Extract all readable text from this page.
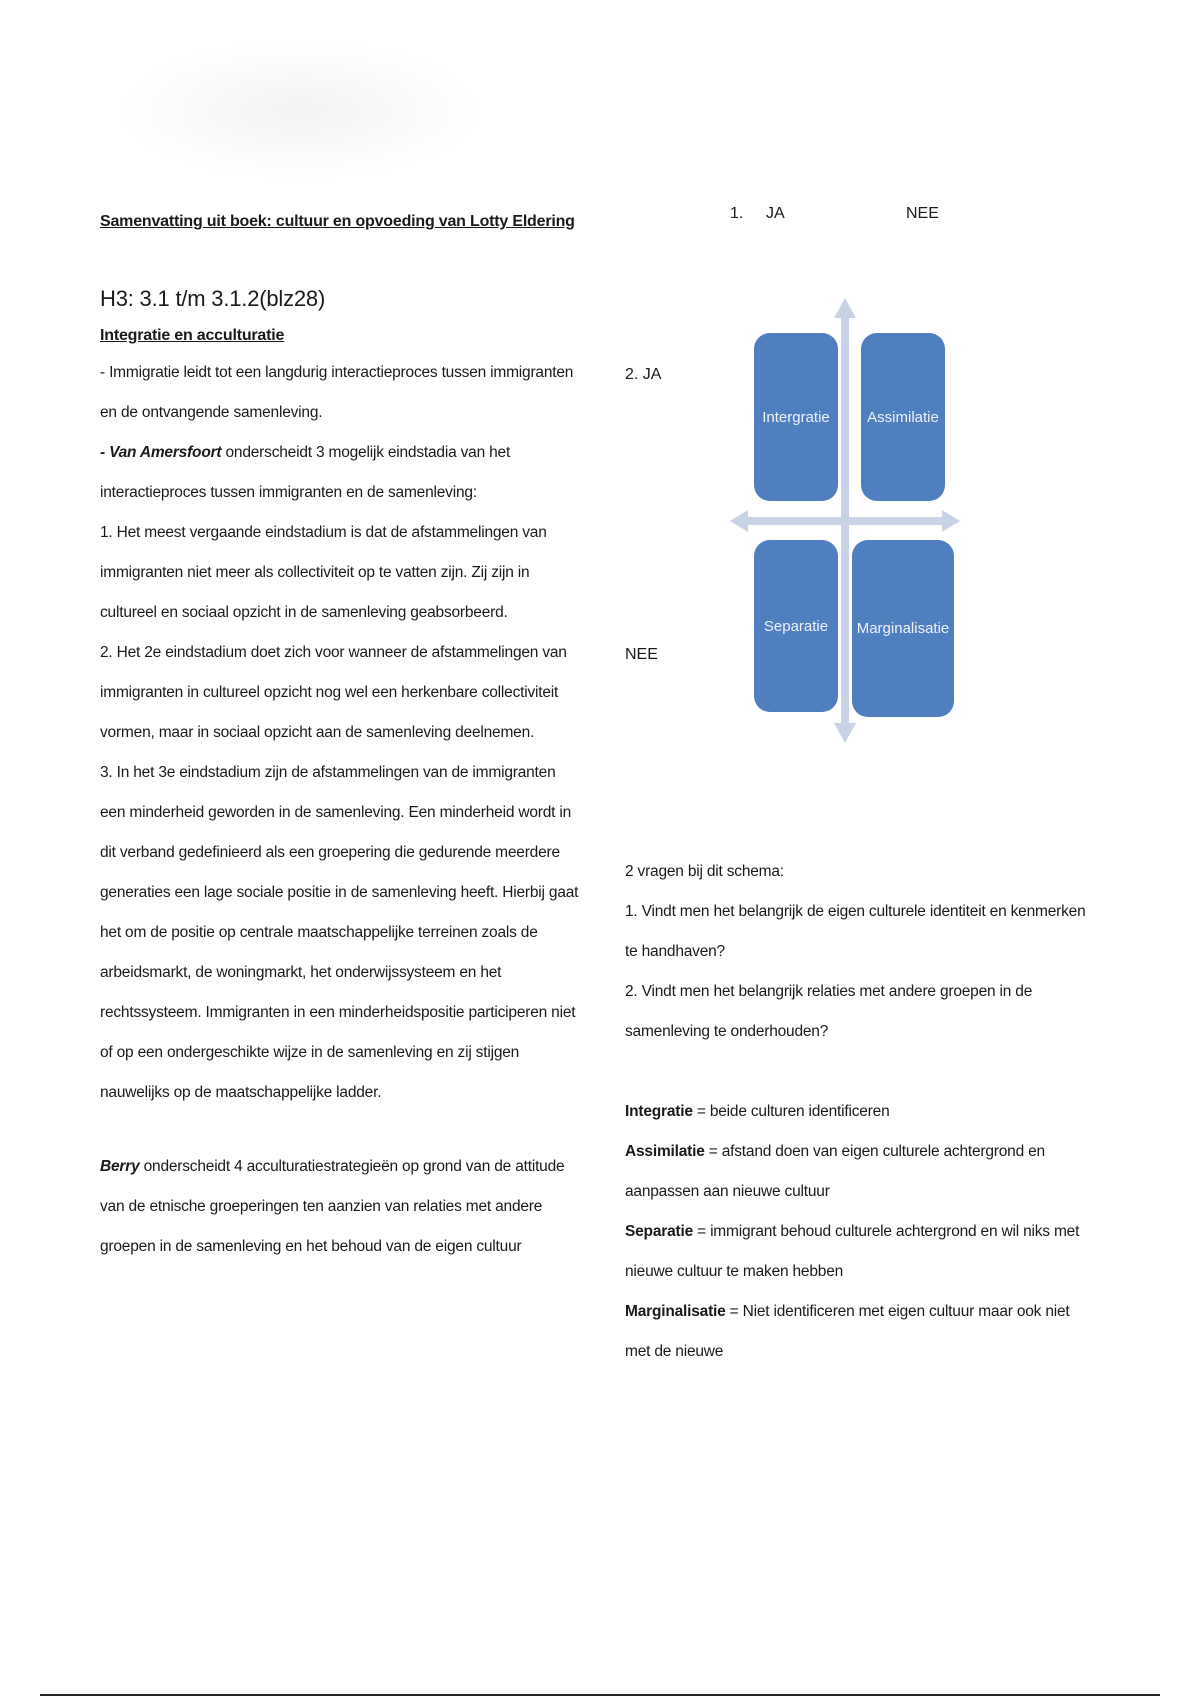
Samenvatting uit boek: cultuur en opvoeding van Lotty Eldering
H3: 3.1 t/m 3.1.2(blz28)
Integratie en acculturatie

- Immigratie leidt tot een langdurig interactieproces tussen immigranten en de ontvangende samenleving.

- Van Amersfoort onderscheidt 3 mogelijk eindstadia van het interactieproces tussen immigranten en de samenleving:

1. Het meest vergaande eindstadium is dat de afstammelingen van immigranten niet meer als collectiviteit op te vatten zijn. Zij zijn in cultureel en sociaal opzicht in de samenleving geabsorbeerd.

2. Het 2e eindstadium doet zich voor wanneer de afstammelingen van immigranten in cultureel opzicht nog wel een herkenbare collectiviteit vormen, maar in sociaal opzicht aan de samenleving deelnemen.

3. In het 3e eindstadium zijn de afstammelingen van de immigranten een minderheid geworden in de samenleving. Een minderheid wordt in dit verband gedefinieerd als een groepering die gedurende meerdere generaties een lage sociale positie in de samenleving heeft. Hierbij gaat het om de positie op centrale maatschappelijke terreinen zoals de arbeidsmarkt, de woningmarkt, het onderwijssysteem en het rechtssysteem. Immigranten in een minderheidspositie participeren niet of op een ondergeschikte wijze in de samenleving en zij stijgen nauwelijks op de maatschappelijke ladder.

Berry onderscheidt 4 acculturatiestrategieën op grond van de attitude van de etnische groeperingen ten aanzien van relaties met andere groepen in de samenleving en het behoud van de eigen cultuur

1. JA	NEE
2. JA
NEE
Intergratie	Assimilatie
Separatie	Marginalisatie
2 vragen bij dit schema:
1. Vindt men het belangrijk de eigen culturele identiteit en kenmerken te handhaven?
2. Vindt men het belangrijk relaties met andere groepen in de samenleving te onderhouden?
Integratie = beide culturen identificeren
Assimilatie = afstand doen van eigen culturele achtergrond en aanpassen aan nieuwe cultuur
Separatie = immigrant behoud culturele achtergrond en wil niks met nieuwe cultuur te maken hebben
Marginalisatie = Niet identificeren met eigen cultuur maar ook niet met de nieuwe
